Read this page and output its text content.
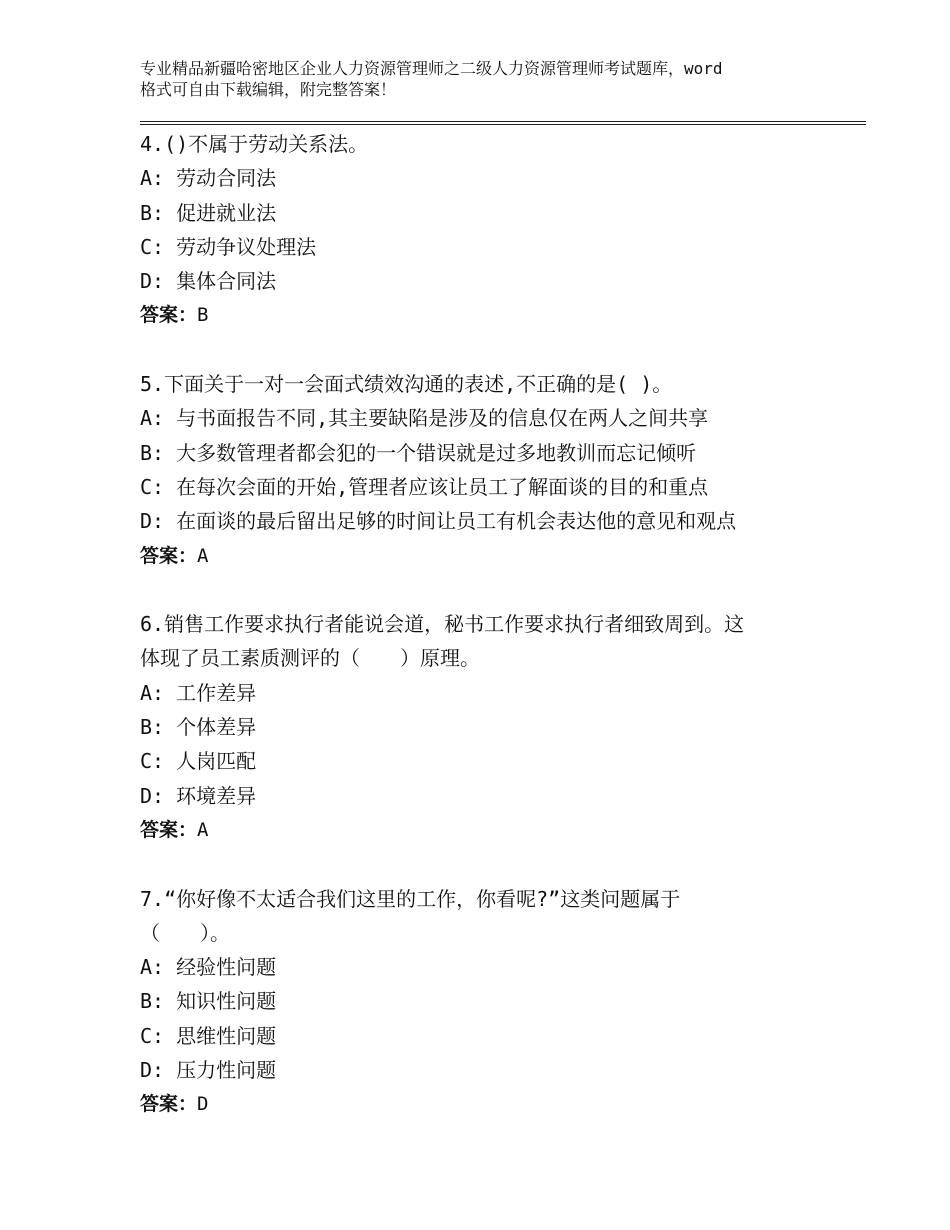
专业精品新疆哈密地区企业人力资源管理师之二级人力资源管理师考试题库，word
格式可自由下载编辑，附完整答案！
4.()不属于劳动关系法。
A: 劳动合同法
B: 促进就业法
C: 劳动争议处理法
D: 集体合同法
答案：B
5.下面关于一对一会面式绩效沟通的表述,不正确的是( )。
A: 与书面报告不同,其主要缺陷是涉及的信息仅在两人之间共享
B: 大多数管理者都会犯的一个错误就是过多地教训而忘记倾听
C: 在每次会面的开始,管理者应该让员工了解面谈的目的和重点
D: 在面谈的最后留出足够的时间让员工有机会表达他的意见和观点
答案：A
6.销售工作要求执行者能说会道，秘书工作要求执行者细致周到。这
体现了员工素质测评的（　　）原理。
A: 工作差异
B: 个体差异
C: 人岗匹配
D: 环境差异
答案：A
7.“你好像不太适合我们这里的工作，你看呢?”这类问题属于
（　　）。
A: 经验性问题
B: 知识性问题
C: 思维性问题
D: 压力性问题
答案：D
